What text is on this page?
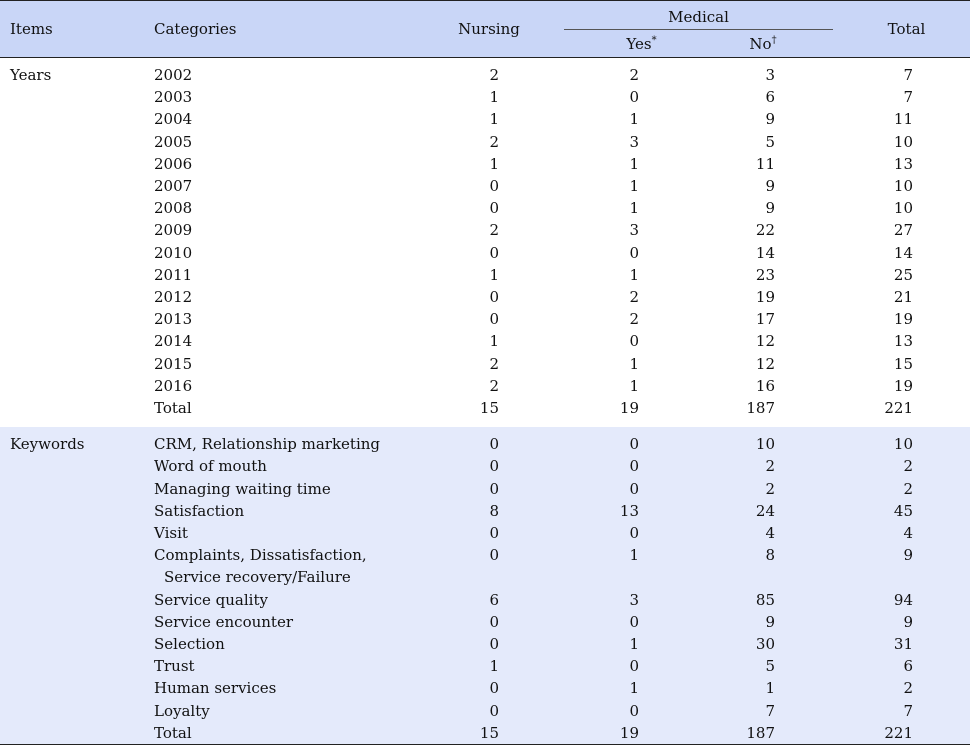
Items	Categories	Nursing	Medical		Total
			Yes*	No†
Years	2002	2	2	3	7
	2003	1	0	6	7
	2004	1	1	9	11
	2005	2	3	5	10
	2006	1	1	11	13
	2007	0	1	9	10
	2008	0	1	9	10
	2009	2	3	22	27
	2010	0	0	14	14
	2011	1	1	23	25
	2012	0	2	19	21
	2013	0	2	17	19
	2014	1	0	12	13
	2015	2	1	12	15
	2016	2	1	16	19
	Total	15	19	187	221

Keywords	CRM, Relationship marketing	0	0	10	10
	Word of mouth	0	0	2	2
	Managing waiting time	0	0	2	2
	Satisfaction	8	13	24	45
	Visit	0	0	4	4
	Complaints, Dissatisfaction,
Service recovery/Failure	0	1	8	9
	Service quality	6	3	85	94
	Service encounter	0	0	9	9
	Selection	0	1	30	31
	Trust	1	0	5	6
	Human services	0	1	1	2
	Loyalty	0	0	7	7
	Total	15	19	187	221
